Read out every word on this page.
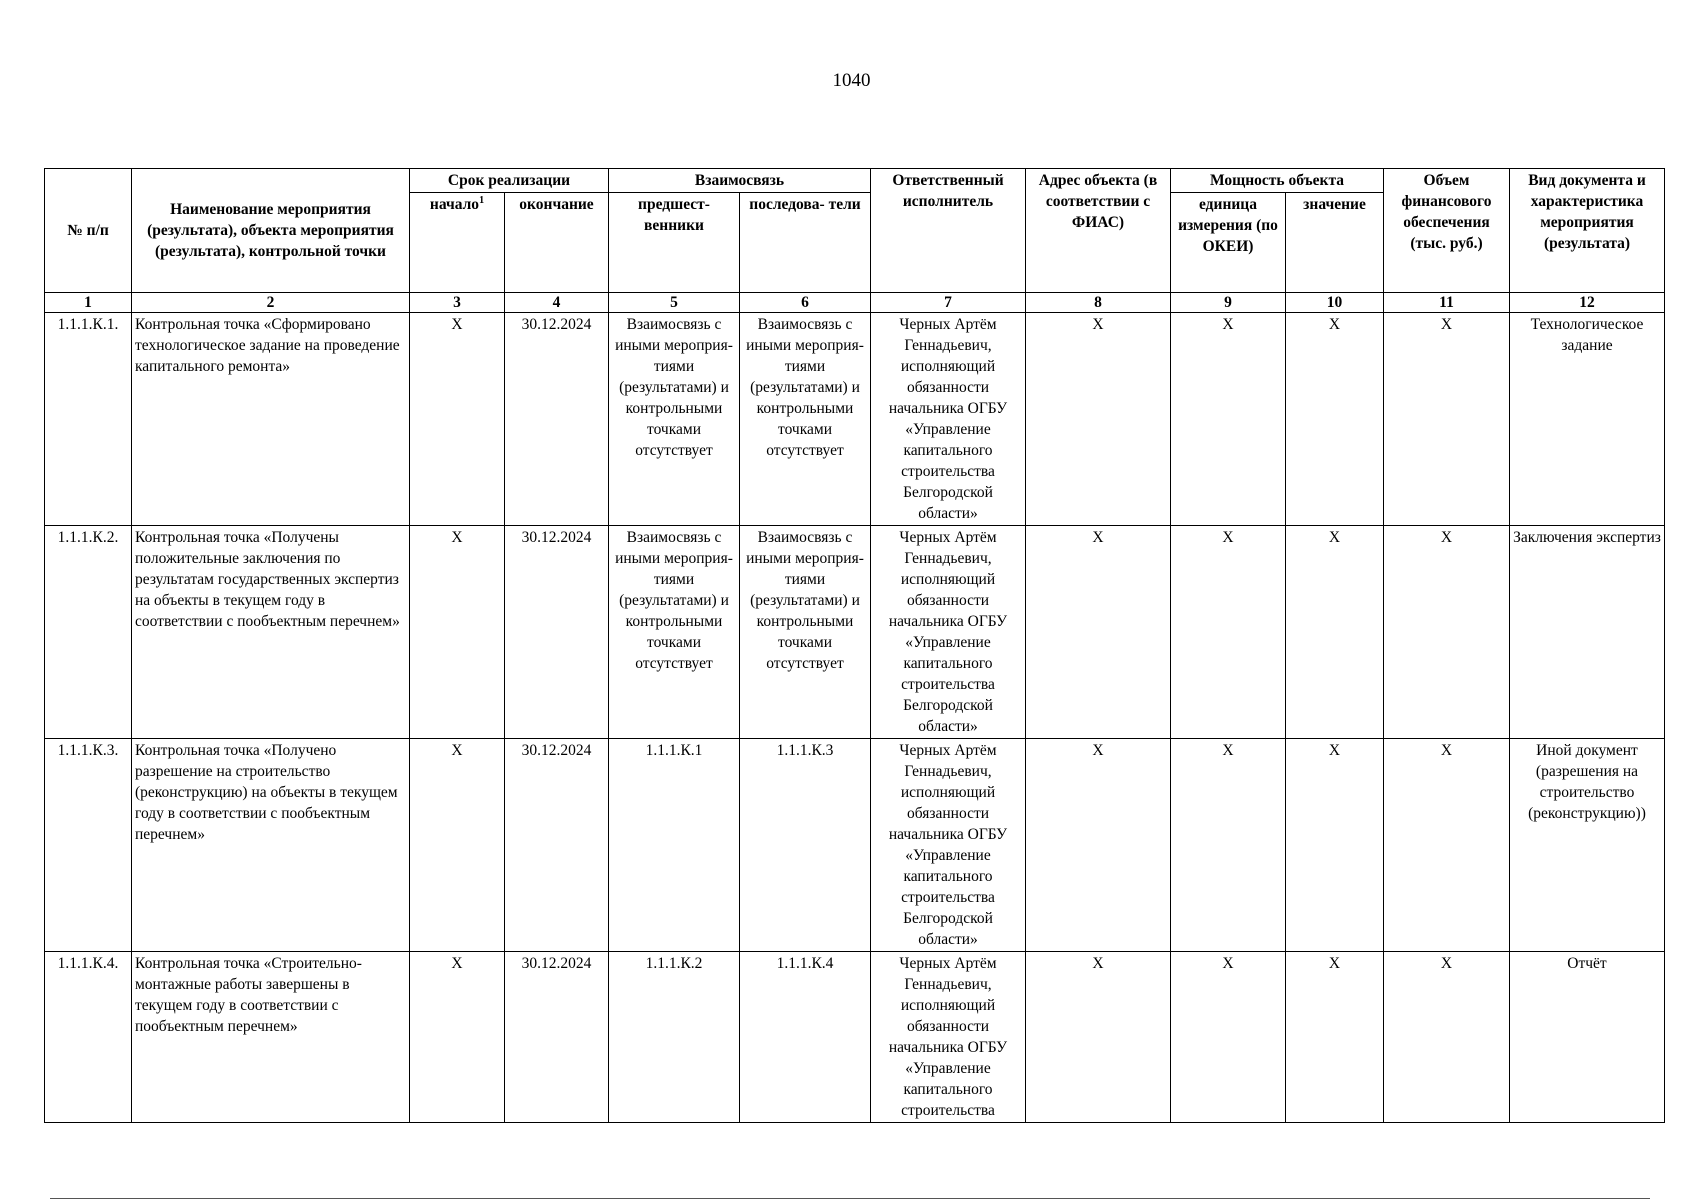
1040
№ п/п	Наименование мероприятия (результата), объекта мероприятия (результата), контрольной точки	Срок реализации		Взаимосвязь		Ответственный исполнитель	Адрес объекта (в соответствии с ФИАС)	Мощность объекта		Объем финансового обеспечения (тыс. руб.)	Вид документа и характеристика мероприятия (результата)
		начало$^1$	окончание	предшест- венники	последова- тели			единица измерения (по ОКЕИ)	значение		
1	2	3	4	5	6	7	8	9	10	11	12
1.1.1.К.1.	Контрольная точка «Сформировано технологическое задание на проведение капитального ремонта»	Х	30.12.2024	Взаимосвязь с иными мероприя- тиями (результатами) и контрольными точками отсутствует	Взаимосвязь с иными мероприя- тиями (результатами) и контрольными точками отсутствует	Черных Артём Геннадьевич, исполняющий обязанности начальника ОГБУ «Управление капитального строительства Белгородской области»	Х	Х	Х	Х	Технологическое задание
1.1.1.К.2.	Контрольная точка «Получены положительные заключения по результатам государственных экспертиз на объекты в текущем году в соответствии с пообъектным перечнем»	Х	30.12.2024	Взаимосвязь с иными мероприя- тиями (результатами) и контрольными точками отсутствует	Взаимосвязь с иными мероприя- тиями (результатами) и контрольными точками отсутствует	Черных Артём Геннадьевич, исполняющий обязанности начальника ОГБУ «Управление капитального строительства Белгородской области»	Х	Х	Х	Х	Заключения экспертиз
1.1.1.К.3.	Контрольная точка «Получено разрешение на строительство (реконструкцию) на объекты в текущем году в соответствии с пообъектным перечнем»	Х	30.12.2024	1.1.1.К.1	1.1.1.К.3	Черных Артём Геннадьевич, исполняющий обязанности начальника ОГБУ «Управление капитального строительства Белгородской области»	Х	Х	Х	Х	Иной документ (разрешения на строительство (реконструкцию))
1.1.1.К.4.	Контрольная точка «Строительно-монтажные работы завершены в текущем году в соответствии с пообъектным перечнем»	Х	30.12.2024	1.1.1.К.2	1.1.1.К.4	Черных Артём Геннадьевич, исполняющий обязанности начальника ОГБУ «Управление капитального строительства	Х	Х	Х	Х	Отчёт
